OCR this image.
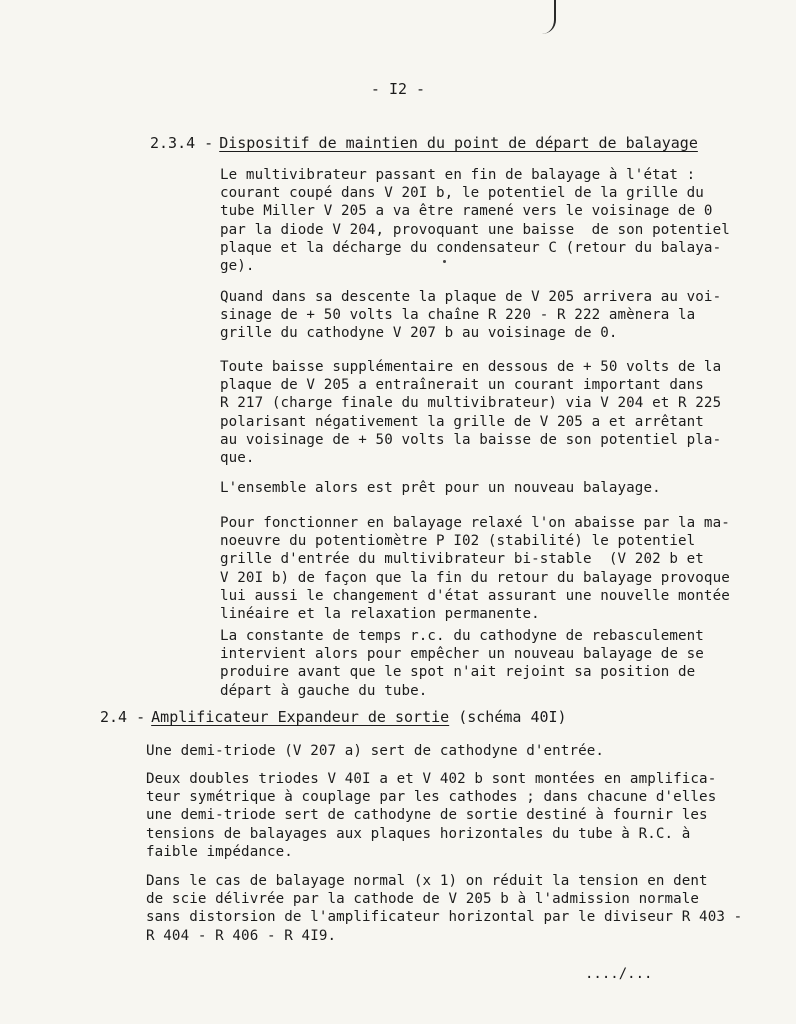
- I2 -
2.3.4 - Dispositif de maintien du point de départ de balayage

Le multivibrateur passant en fin de balayage à l'état :
courant coupé dans V 20I b, le potentiel de la grille du
tube Miller V 205 a va être ramené vers le voisinage de 0
par la diode V 204, provoquant une baisse  de son potentiel
plaque et la décharge du condensateur C (retour du balaya-
ge).

Quand dans sa descente la plaque de V 205 arrivera au voi-
sinage de + 50 volts la chaîne R 220 - R 222 amènera la
grille du cathodyne V 207 b au voisinage de 0.

Toute baisse supplémentaire en dessous de + 50 volts de la
plaque de V 205 a entraînerait un courant important dans
R 217 (charge finale du multivibrateur) via V 204 et R 225
polarisant négativement la grille de V 205 a et arrêtant
au voisinage de + 50 volts la baisse de son potentiel pla-
que.

L'ensemble alors est prêt pour un nouveau balayage.

Pour fonctionner en balayage relaxé l'on abaisse par la ma-
noeuvre du potentiomètre P I02 (stabilité) le potentiel
grille d'entrée du multivibrateur bi-stable  (V 202 b et
V 20I b) de façon que la fin du retour du balayage provoque
lui aussi le changement d'état assurant une nouvelle montée
linéaire et la relaxation permanente.

La constante de temps r.c. du cathodyne de rebasculement
intervient alors pour empêcher un nouveau balayage de se
produire avant que le spot n'ait rejoint sa position de
départ à gauche du tube.

2.4 - Amplificateur Expandeur de sortie (schéma 40I)

Une demi-triode (V 207 a) sert de cathodyne d'entrée.

Deux doubles triodes V 40I a et V 402 b sont montées en amplifica-
teur symétrique à couplage par les cathodes ; dans chacune d'elles
une demi-triode sert de cathodyne de sortie destiné à fournir les
tensions de balayages aux plaques horizontales du tube à R.C. à
faible impédance.

Dans le cas de balayage normal (x 1) on réduit la tension en dent
de scie délivrée par la cathode de V 205 b à l'admission normale
sans distorsion de l'amplificateur horizontal par le diviseur R 403 -
R 404 - R 406 - R 4I9.

..../...
